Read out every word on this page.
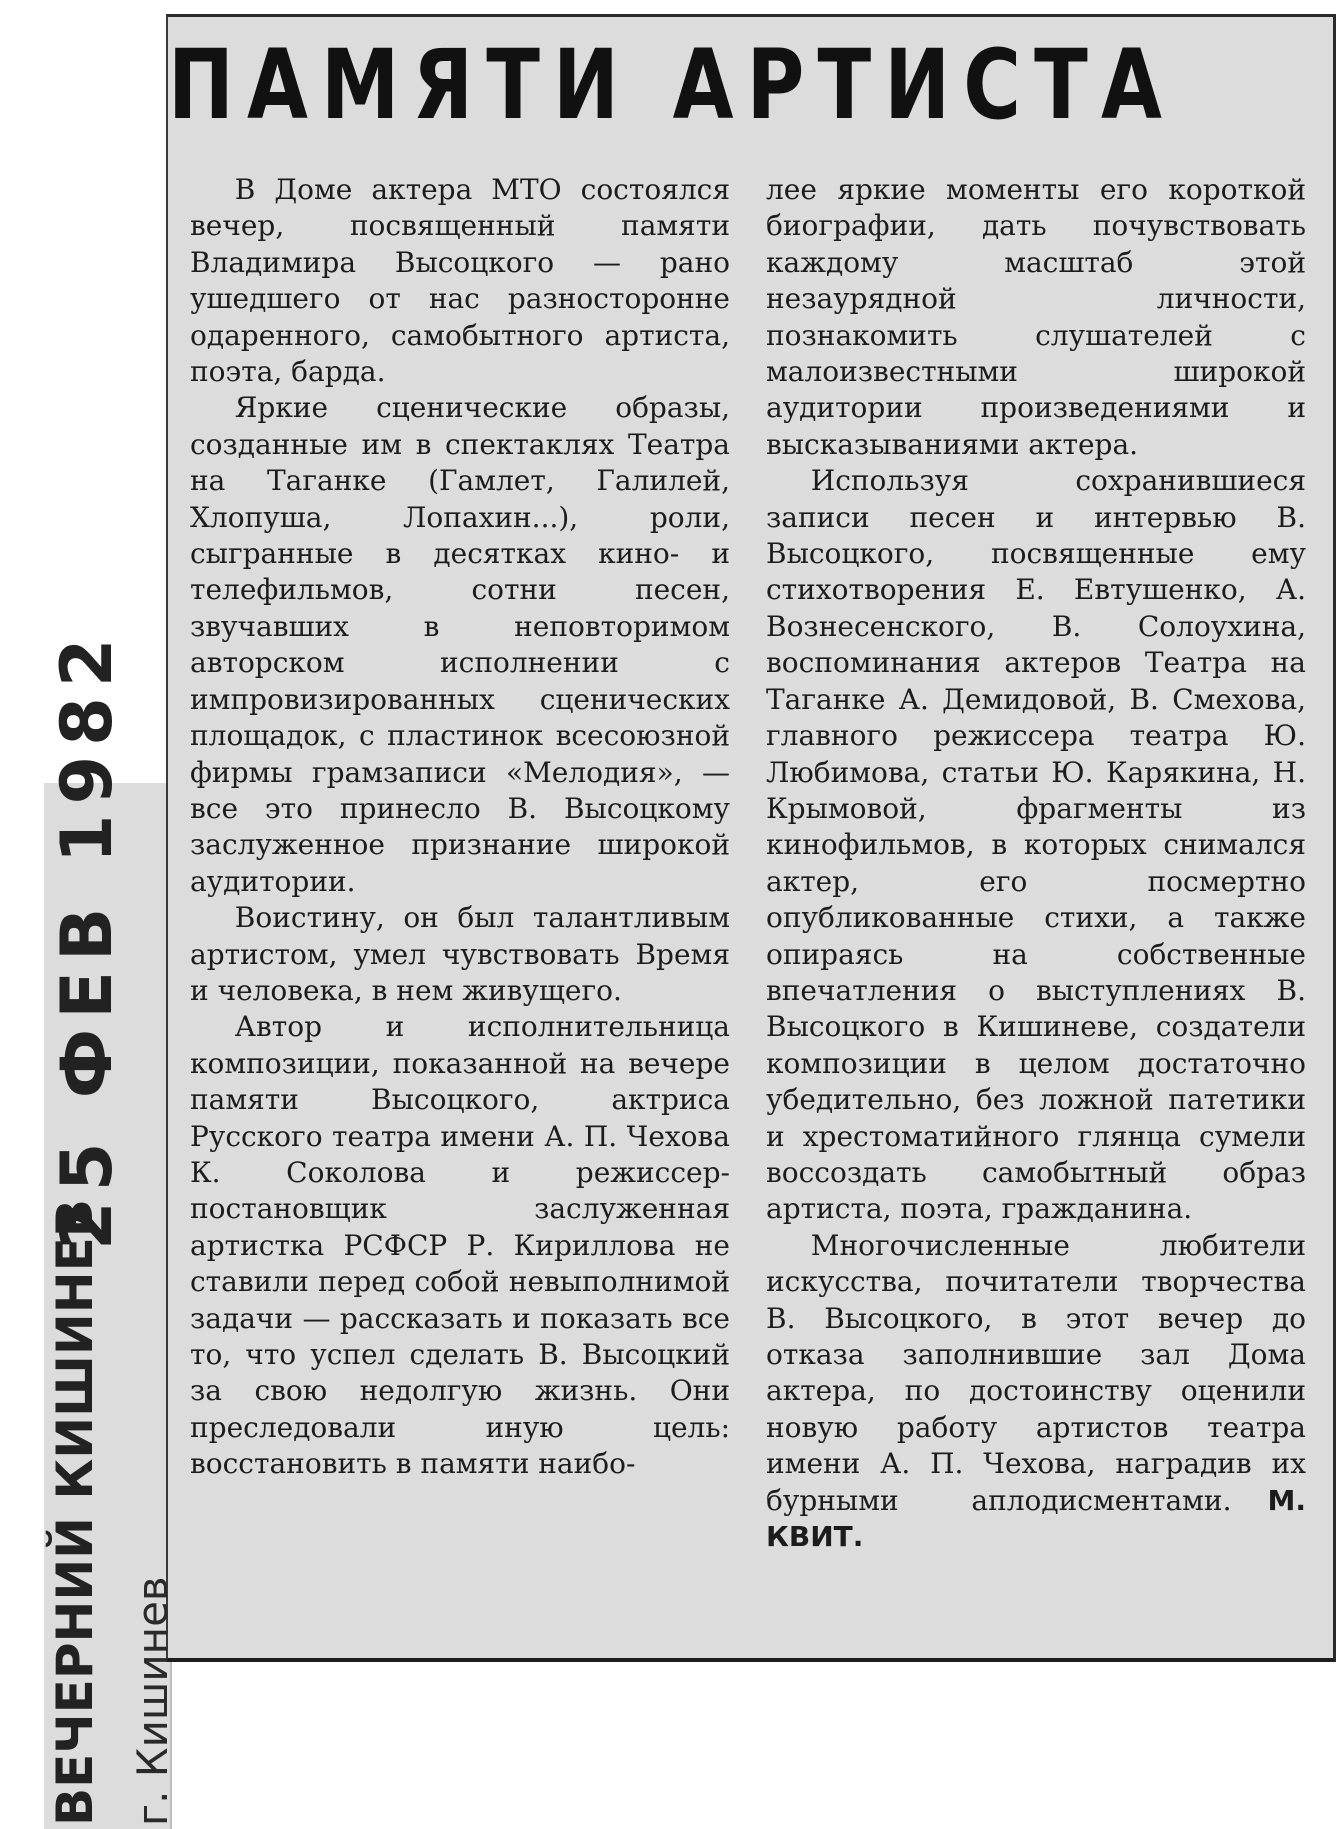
ПАМЯТИ АРТИСТА

В Доме актера МТО состоялся вечер, посвященный памяти Владимира Высоцкого — рано ушедшего от нас разносторонне одаренного, самобытного артиста, поэта, барда.

Яркие сценические образы, созданные им в спектаклях Театра на Таганке (Гамлет, Галилей, Хлопуша, Лопахин...), роли, сыгранные в десятках кино- и телефильмов, сотни песен, звучавших в неповторимом авторском исполнении с импровизированных сценических площадок, с пластинок всесоюзной фирмы грамзаписи «Мелодия», — все это принесло В. Высоцкому заслуженное признание широкой аудитории.

Воистину, он был талантливым артистом, умел чувствовать Время и человека, в нем живущего.

Автор и исполнительница композиции, показанной на вечере памяти Высоцкого, актриса Русского театра имени А. П. Чехова К. Соколова и режиссер-постановщик заслуженная артистка РСФСР Р. Кириллова не ставили перед собой невыполнимой задачи — рассказать и показать все то, что успел сделать В. Высоцкий за свою недолгую жизнь. Они преследовали иную цель: восстановить в памяти наибо-

лее яркие моменты его короткой биографии, дать почувствовать каждому масштаб этой незаурядной личности, познакомить слушателей с малоизвестными широкой аудитории произведениями и высказываниями актера.

Используя сохранившиеся записи песен и интервью В. Высоцкого, посвященные ему стихотворения Е. Евтушенко, А. Вознесенского, В. Солоухина, воспоминания актеров Театра на Таганке А. Демидовой, В. Смехова, главного режиссера театра Ю. Любимова, статьи Ю. Карякина, Н. Крымовой, фрагменты из кинофильмов, в которых снимался актер, его посмертно опубликованные стихи, а также опираясь на собственные впечатления о выступлениях В. Высоцкого в Кишиневе, создатели композиции в целом достаточно убедительно, без ложной патетики и хрестоматийного глянца сумели воссоздать самобытный образ артиста, поэта, гражданина.

Многочисленные любители искусства, почитатели творчества В. Высоцкого, в этот вечер до отказа заполнившие зал Дома актера, по достоинству оценили новую работу артистов театра имени А. П. Чехова, наградив их бурными аплодисментами. М. КВИТ.

25 ФЕВ 1982
ВЕЧЕРНИЙ КИШИНЕВ г. Кишинев
